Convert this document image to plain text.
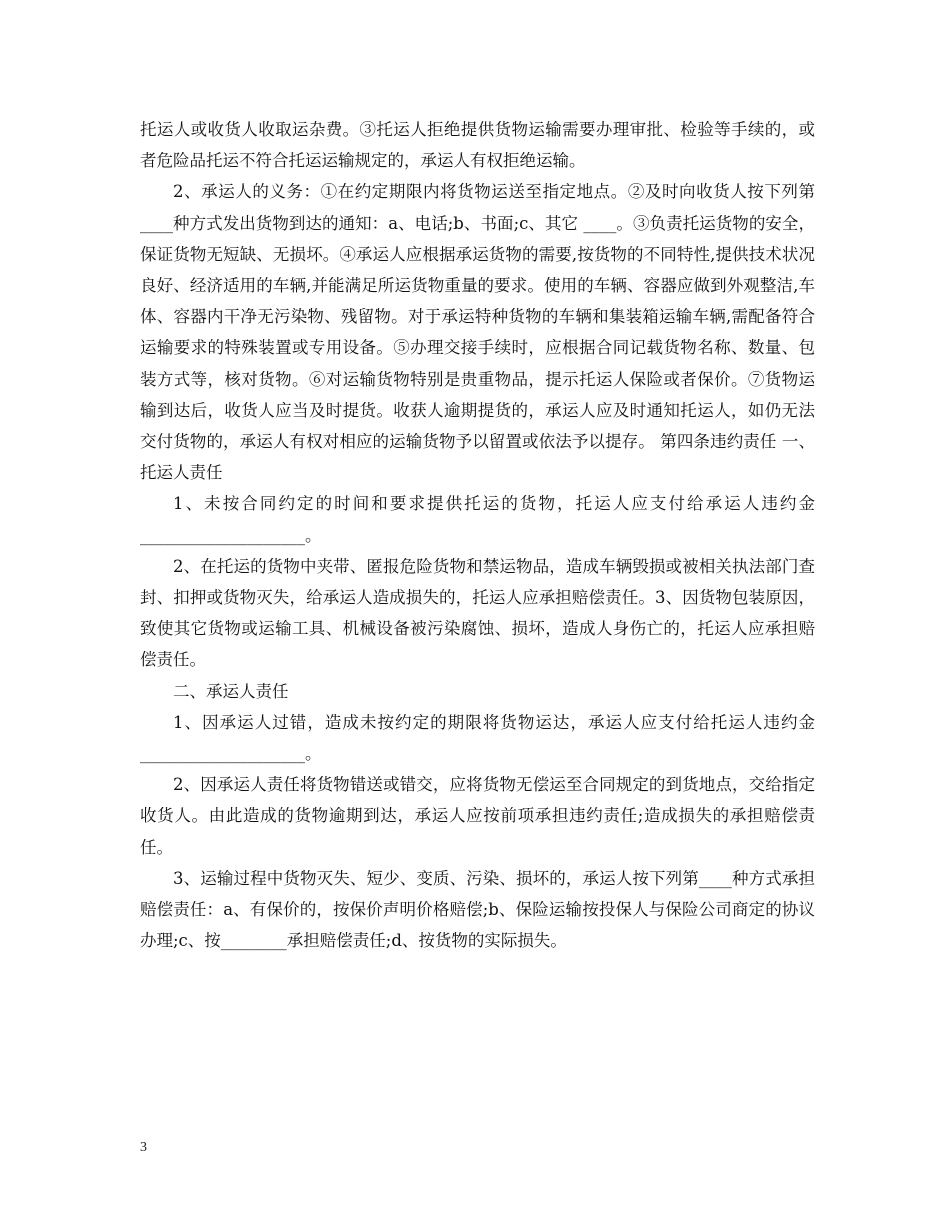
托运人或收货人收取运杂费。③托运人拒绝提供货物运输需要办理审批、检验等手续的，或者危险品托运不符合托运运输规定的，承运人有权拒绝运输。

2、承运人的义务：①在约定期限内将货物运送至指定地点。②及时向收货人按下列第____种方式发出货物到达的通知：a、电话;b、书面;c、其它 ____。③负责托运货物的安全，保证货物无短缺、无损坏。④承运人应根据承运货物的需要,按货物的不同特性,提供技术状况良好、经济适用的车辆,并能满足所运货物重量的要求。使用的车辆、容器应做到外观整洁,车体、容器内干净无污染物、残留物。对于承运特种货物的车辆和集装箱运输车辆,需配备符合运输要求的特殊装置或专用设备。⑤办理交接手续时，应根据合同记载货物名称、数量、包装方式等，核对货物。⑥对运输货物特别是贵重物品，提示托运人保险或者保价。⑦货物运输到达后，收货人应当及时提货。收获人逾期提货的，承运人应及时通知托运人，如仍无法交付货物的，承运人有权对相应的运输货物予以留置或依法予以提存。 第四条违约责任 一、托运人责任

1、未按合同约定的时间和要求提供托运的货物，托运人应支付给承运人违约金____________________。

2、在托运的货物中夹带、匿报危险货物和禁运物品，造成车辆毁损或被相关执法部门查封、扣押或货物灭失，给承运人造成损失的，托运人应承担赔偿责任。3、因货物包装原因，致使其它货物或运输工具、机械设备被污染腐蚀、损坏，造成人身伤亡的，托运人应承担赔偿责任。

二、承运人责任

1、因承运人过错，造成未按约定的期限将货物运达，承运人应支付给托运人违约金____________________。

2、因承运人责任将货物错送或错交，应将货物无偿运至合同规定的到货地点，交给指定收货人。由此造成的货物逾期到达，承运人应按前项承担违约责任;造成损失的承担赔偿责任。

3、运输过程中货物灭失、短少、变质、污染、损坏的，承运人按下列第____种方式承担赔偿责任：a、有保价的，按保价声明价格赔偿;b、保险运输按投保人与保险公司商定的协议办理;c、按________承担赔偿责任;d、按货物的实际损失。

3
